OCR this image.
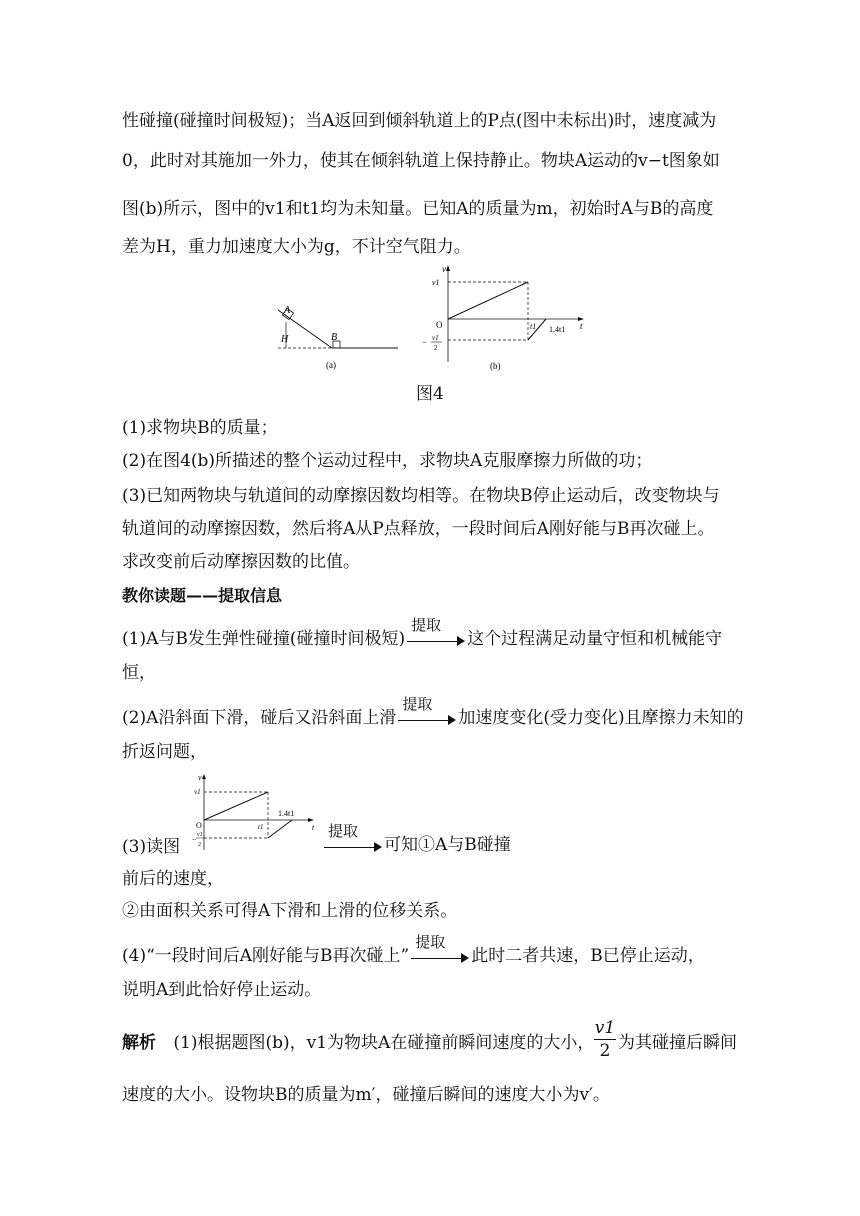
性碰撞(碰撞时间极短)；当A返回到倾斜轨道上的P点(图中未标出)时，速度减为
0，此时对其施加一外力，使其在倾斜轨道上保持静止。物块A运动的v−t图象如
图(b)所示，图中的v1和t1均为未知量。已知A的质量为m，初始时A与B的高度
差为H，重力加速度大小为g，不计空气阻力。
A
B
H
(a)
v
t
O
v1
t1 1.4t1
− v1
2
(b)
图4
(1)求物块B的质量；
(2)在图4(b)所描述的整个运动过程中，求物块A克服摩擦力所做的功；
(3)已知两物块与轨道间的动摩擦因数均相等。在物块B停止运动后，改变物块与
轨道间的动摩擦因数，然后将A从P点释放，一段时间后A刚好能与B再次碰上。
求改变前后动摩擦因数的比值。
教你读题——提取信息
(1)A与B发生弹性碰撞(碰撞时间极短)
提取
这个过程满足动量守恒和机械能守
恒，
(2)A沿斜面下滑，碰后又沿斜面上滑
提取
加速度变化(受力变化)且摩擦力未知的
折返问题，
v
t
O
v1
t1
1.4t1
− v1
2
(3)读图
提取
可知①A与B碰撞
前后的速度，
②由面积关系可得A下滑和上滑的位移关系。
(4)“一段时间后A刚好能与B再次碰上”
提取
此时二者共速，B已停止运动，
说明A到此恰好停止运动。
解析 (1)根据题图(b)，v1为物块A在碰撞前瞬间速度的大小，
v1
2 为其碰撞后瞬间
速度的大小。设物块B的质量为m′，碰撞后瞬间的速度大小为v′。
